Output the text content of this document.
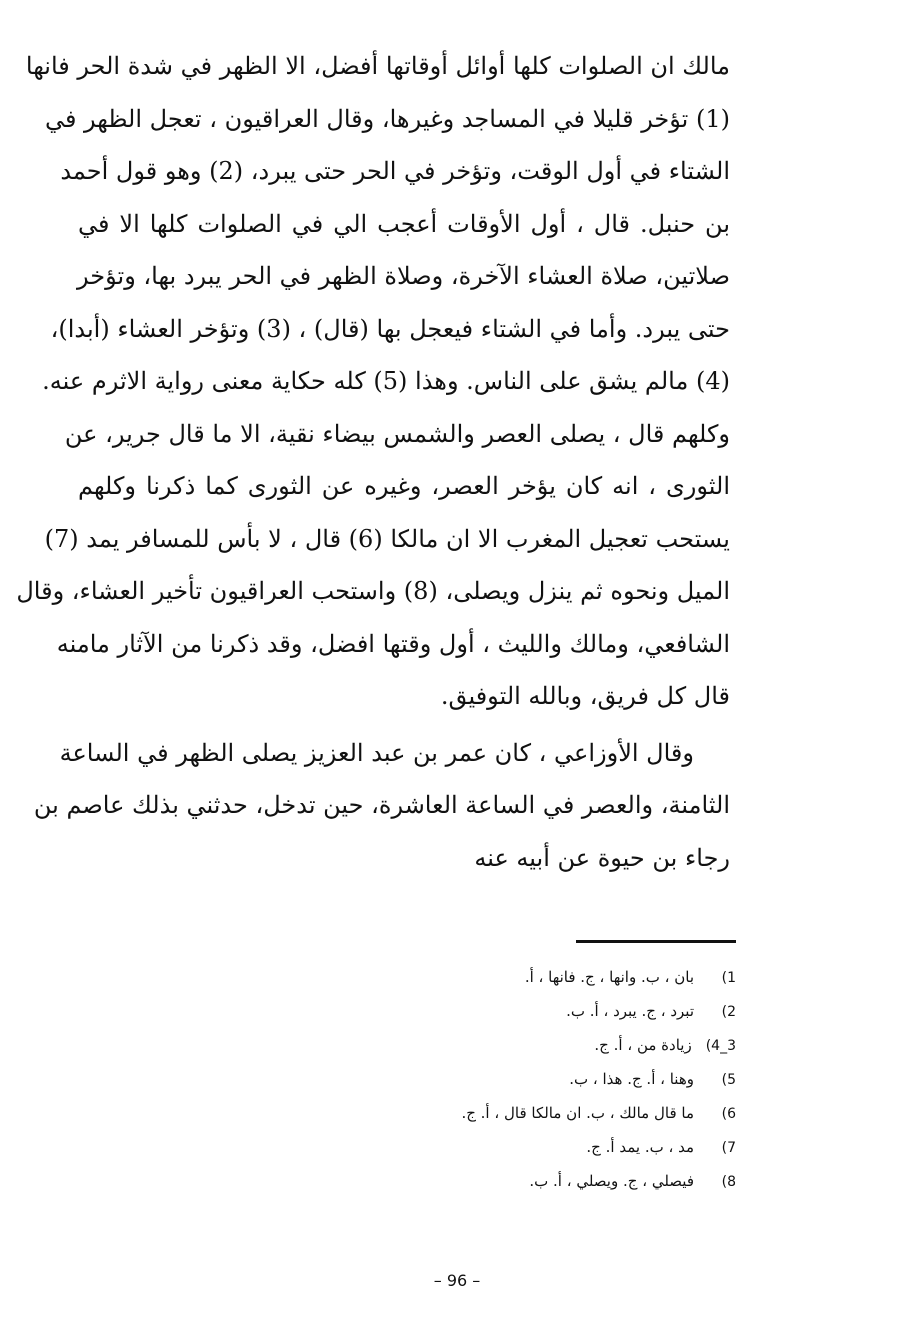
مالك ان الصلوات كلها أوائل أوقاتها أفضل، الا الظهر في شدة الحر فانها
(1) تؤخر قليلا في المساجد وغيرها، وقال العراقيون ، تعجل الظهر في
الشتاء في أول الوقت، وتؤخر في الحر حتى يبرد، (2) وهو قول أحمد
بن حنبل. قال ، أول الأوقات أعجب الي في الصلوات كلها الا في
صلاتين، صلاة العشاء الآخرة، وصلاة الظهر في الحر يبرد بها، وتؤخر
حتى يبرد. وأما في الشتاء فيعجل بها (قال) ، (3) وتؤخر العشاء (أبدا)،
(4) مالم يشق على الناس. وهذا (5) كله حكاية معنى رواية الاثرم عنه.
وكلهم قال ، يصلى العصر والشمس بيضاء نقية، الا ما قال جرير، عن
الثورى ، انه كان يؤخر العصر، وغيره عن الثورى كما ذكرنا وكلهم
يستحب تعجيل المغرب الا ان مالكا (6) قال ، لا بأس للمسافر يمد (7)
الميل ونحوه ثم ينزل ويصلى، (8) واستحب العراقيون تأخير العشاء، وقال
الشافعي، ومالك والليث ، أول وقتها افضل، وقد ذكرنا من الآثار مامنه
قال كل فريق، وبالله التوفيق.
وقال الأوزاعي ، كان عمر بن عبد العزيز يصلى الظهر في الساعة
الثامنة، والعصر في الساعة العاشرة، حين تدخل، حدثني بذلك عاصم بن
رجاء بن حيوة عن أبيه عنه
1)
بان ، ب. وانها ، ج. فانها ، أ.
2)
تبرد ، ج. يبرد ، أ. ب.
3_4)
زيادة من ، أ. ج.
5)
وهنا ، أ. ج. هذا ، ب.
6)
ما قال مالك ، ب. ان مالكا قال ، أ. ج.
7)
مد ، ب. يمد أ. ج.
8)
فيصلي ، ج. ويصلي ، أ. ب.
– 96 –
